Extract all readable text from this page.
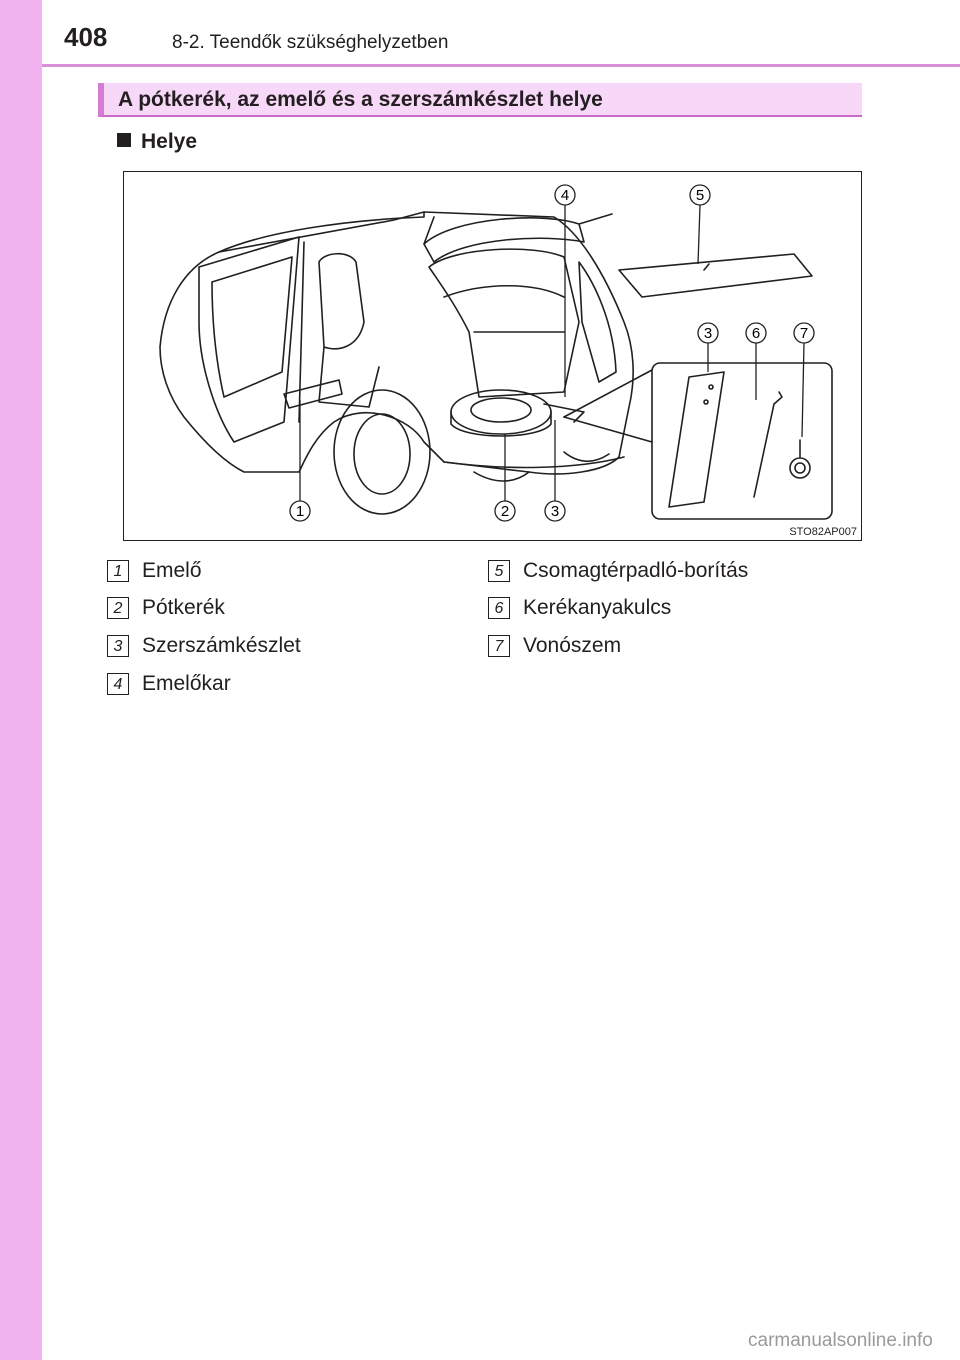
408	8-2. Teendők szükséghelyzetben
A pótkerék, az emelő és a szerszámkészlet helye
Helye
1	2	3
4	5
3	6	7
STO82AP007
1 Emelő
2 Pótkerék
3 Szerszámkészlet
4 Emelőkar
5 Csomagtérpadló-borítás
6 Kerékanyakulcs
7 Vonószem
carmanualsonline.info
